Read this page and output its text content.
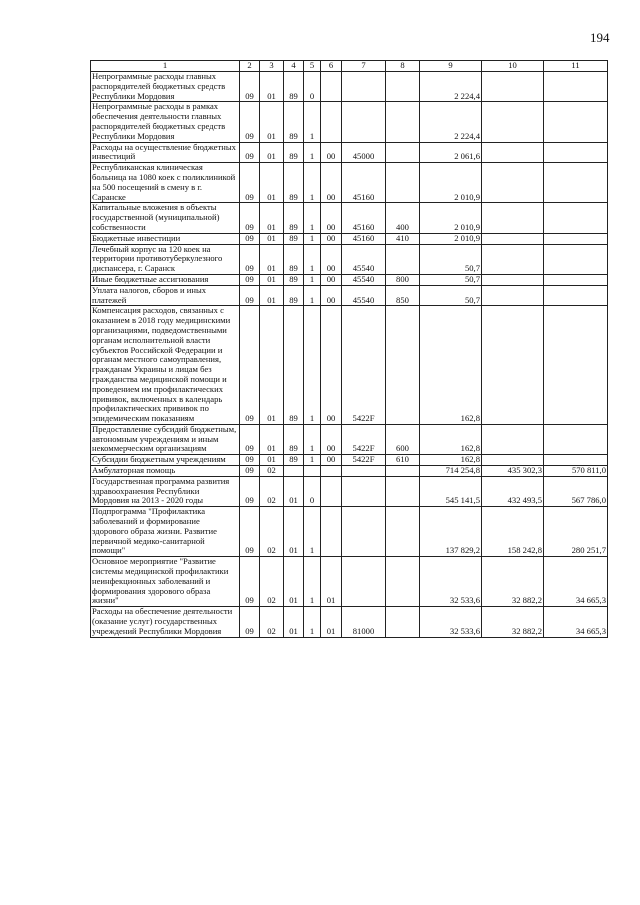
194
1	2	3	4	5	6	7	8	9	10	11
Непрограммные расходы главных распорядителей бюджетных средств Республики Мордовия	09	01	89	0				2 224,4		
Непрограммные расходы в рамках обеспечения деятельности главных распорядителей бюджетных средств Республики Мордовия	09	01	89	1				2 224,4		
Расходы на осуществление бюджетных инвестиций	09	01	89	1	00	45000		2 061,6		
Республиканская клиническая больница на 1080 коек с поликлиникой на 500 посещений в смену в г. Саранске	09	01	89	1	00	45160		2 010,9		
Капитальные вложения в объекты государственной (муниципальной) собственности	09	01	89	1	00	45160	400	2 010,9		
Бюджетные инвестиции	09	01	89	1	00	45160	410	2 010,9		
Лечебный корпус на 120 коек на территории противотуберкулезного диспансера, г. Саранск	09	01	89	1	00	45540		50,7		
Иные бюджетные ассигнования	09	01	89	1	00	45540	800	50,7		
Уплата налогов, сборов и иных платежей	09	01	89	1	00	45540	850	50,7		
Компенсация расходов, связанных с оказанием в 2018 году медицинскими организациями, подведомственными органам исполнительной власти субъектов Российской Федерации и органам местного самоуправления, гражданам Украины и лицам без гражданства медицинской помощи и проведением им профилактических прививок, включенных в календарь профилактических прививок по эпидемическим показаниям	09	01	89	1	00	5422F		162,8		
Предоставление субсидий бюджетным, автономным учреждениям и иным некоммерческим организациям	09	01	89	1	00	5422F	600	162,8		
Субсидии бюджетным учреждениям	09	01	89	1	00	5422F	610	162,8		
Амбулаторная помощь	09	02						714 254,8	435 302,3	570 811,0
Государственная программа развития здравоохранения Республики Мордовия на 2013 - 2020 годы	09	02	01	0				545 141,5	432 493,5	567 786,0
Подпрограмма "Профилактика заболеваний и формирование здорового образа жизни. Развитие первичной медико-санитарной помощи"	09	02	01	1				137 829,2	158 242,8	280 251,7
Основное мероприятие "Развитие системы медицинской профилактики неинфекционных заболеваний и формирования здорового образа жизни"	09	02	01	1	01			32 533,6	32 882,2	34 665,3
Расходы на обеспечение деятельности (оказание услуг) государственных учреждений Республики Мордовия	09	02	01	1	01	81000		32 533,6	32 882,2	34 665,3
